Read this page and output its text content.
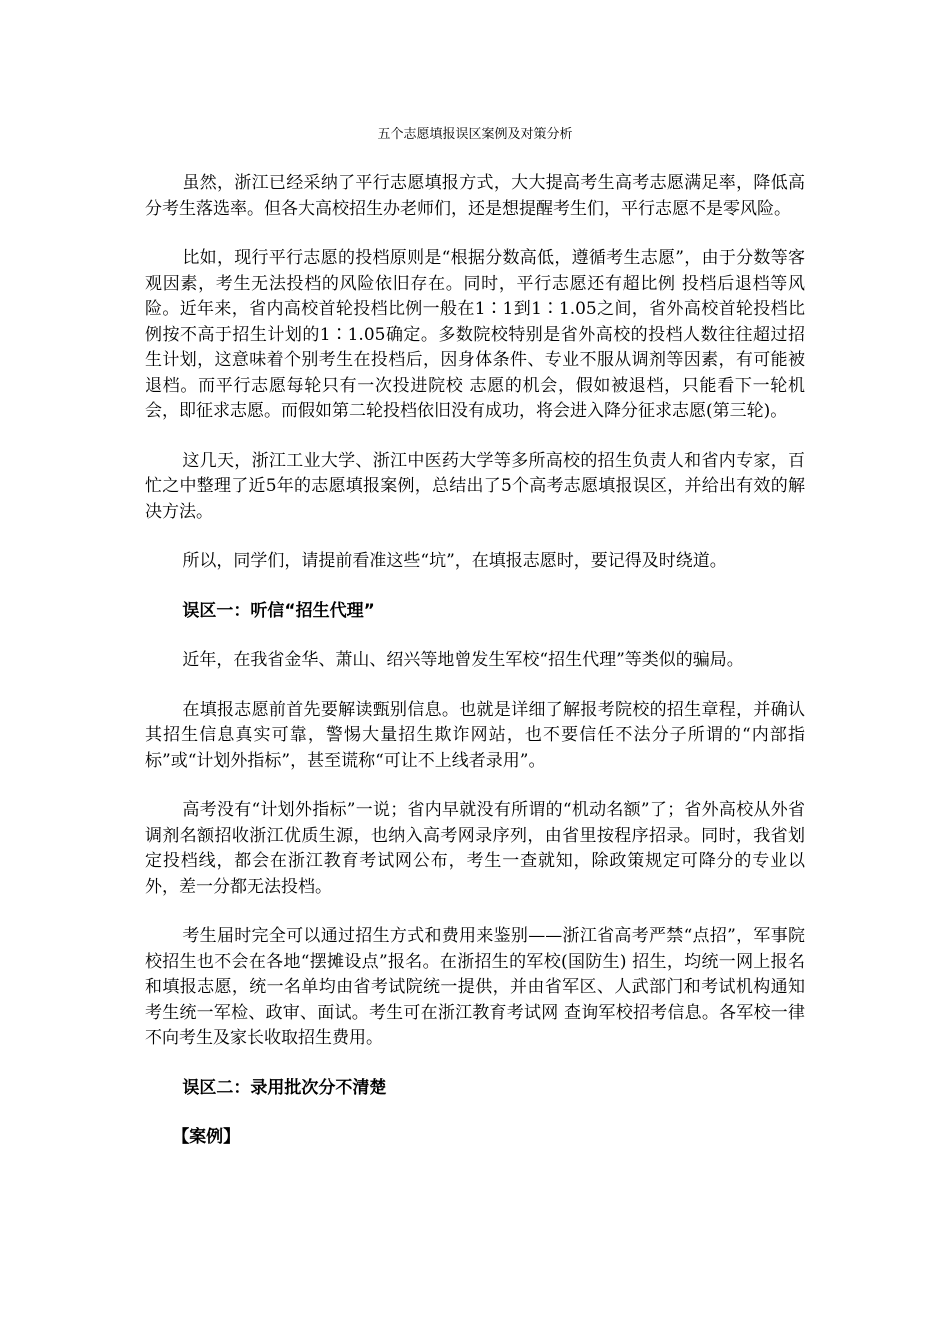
五个志愿填报误区案例及对策分析

虽然，浙江已经采纳了平行志愿填报方式，大大提高考生高考志愿满足率，降低高分考生落选率。但各大高校招生办老师们，还是想提醒考生们，平行志愿不是零风险。

比如，现行平行志愿的投档原则是“根据分数高低，遵循考生志愿”，由于分数等客观因素，考生无法投档的风险依旧存在。同时，平行志愿还有超比例 投档后退档等风险。近年来，省内高校首轮投档比例一般在1∶1到1∶1.05之间，省外高校首轮投档比例按不高于招生计划的1∶1.05确定。多数院校特别是省外高校的投档人数往往超过招生计划，这意味着个别考生在投档后，因身体条件、专业不服从调剂等因素，有可能被退档。而平行志愿每轮只有一次投进院校 志愿的机会，假如被退档，只能看下一轮机会，即征求志愿。而假如第二轮投档依旧没有成功，将会进入降分征求志愿(第三轮)。

这几天，浙江工业大学、浙江中医药大学等多所高校的招生负责人和省内专家，百忙之中整理了近5年的志愿填报案例，总结出了5个高考志愿填报误区，并给出有效的解决方法。

所以，同学们，请提前看准这些“坑”，在填报志愿时，要记得及时绕道。

误区一：听信“招生代理”

近年，在我省金华、萧山、绍兴等地曾发生军校“招生代理”等类似的骗局。

在填报志愿前首先要解读甄别信息。也就是详细了解报考院校的招生章程，并确认其招生信息真实可靠，警惕大量招生欺诈网站，也不要信任不法分子所谓的“内部指标”或“计划外指标”，甚至谎称“可让不上线者录用”。

高考没有“计划外指标”一说；省内早就没有所谓的“机动名额”了；省外高校从外省调剂名额招收浙江优质生源，也纳入高考网录序列，由省里按程序招录。同时，我省划定投档线，都会在浙江教育考试网公布，考生一查就知，除政策规定可降分的专业以外，差一分都无法投档。

考生届时完全可以通过招生方式和费用来鉴别——浙江省高考严禁“点招”，军事院校招生也不会在各地“摆摊设点”报名。在浙招生的军校(国防生) 招生，均统一网上报名和填报志愿，统一名单均由省考试院统一提供，并由省军区、人武部门和考试机构通知考生统一军检、政审、面试。考生可在浙江教育考试网 查询军校招考信息。各军校一律不向考生及家长收取招生费用。

误区二：录用批次分不清楚

【案例】
